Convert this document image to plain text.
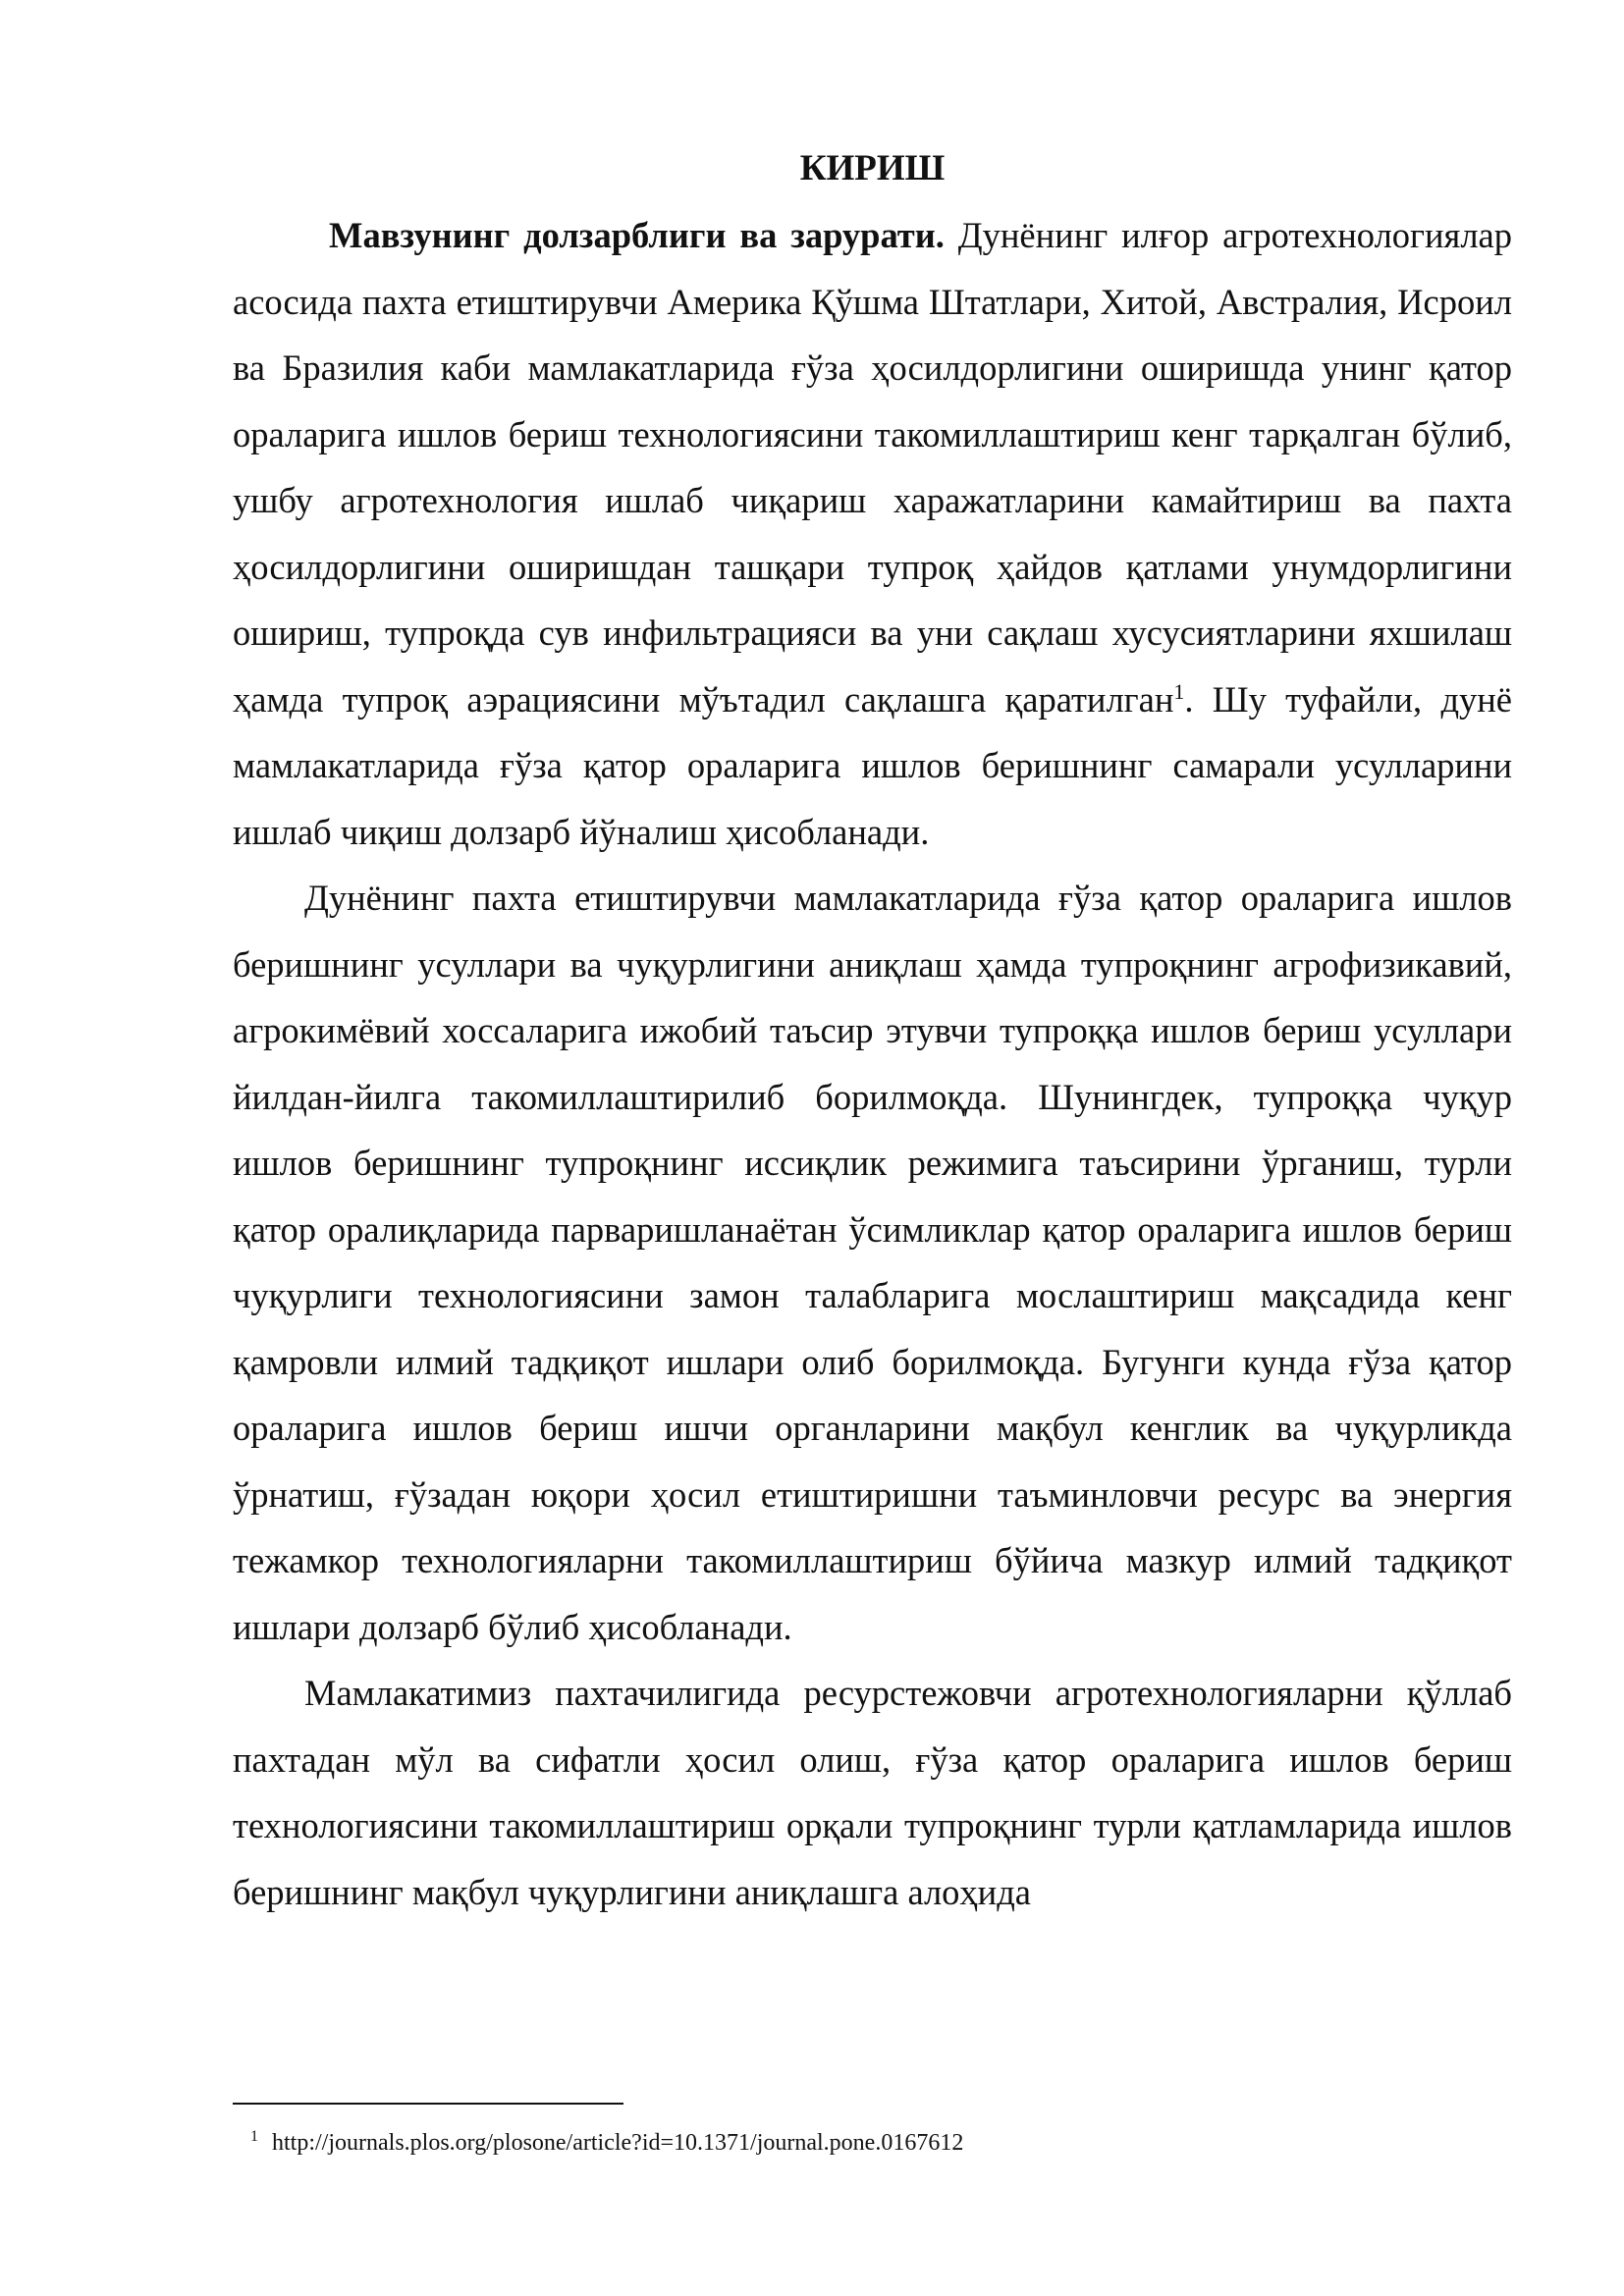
КИРИШ

Мавзунинг долзарблиги ва зарурати. Дунёнинг илғор агротехнологиялар асосида пахта етиштирувчи Америка Қўшма Штатлари, Хитой, Австралия, Исроил ва Бразилия каби мамлакатларида ғўза ҳосилдорлигини оширишда унинг қатор ораларига ишлов бериш технологиясини такомиллаштириш кенг тарқалган бўлиб, ушбу агротехнология ишлаб чиқариш харажатларини камайтириш ва пахта ҳосилдорлигини оширишдан ташқари тупроқ ҳайдов қатлами унумдорлигини ошириш, тупроқда сув инфильтрацияси ва уни сақлаш хусусиятларини яхшилаш ҳамда тупроқ аэрациясини мўътадил сақлашга қаратилган$^1$. Шу туфайли, дунё мамлакатларида ғўза қатор ораларига ишлов беришнинг самарали усулларини ишлаб чиқиш долзарб йўналиш ҳисобланади.

Дунёнинг пахта етиштирувчи мамлакатларида ғўза қатор ораларига ишлов беришнинг усуллари ва чуқурлигини аниқлаш ҳамда тупроқнинг агрофизикавий, агрокимёвий хоссаларига ижобий таъсир этувчи тупроққа ишлов бериш усуллари йилдан-йилга такомиллаштирилиб борилмоқда. Шунингдек, тупроққа чуқур ишлов беришнинг тупроқнинг иссиқлик режимига таъсирини ўрганиш, турли қатор оралиқларида парваришланаётан ўсимликлар қатор ораларига ишлов бериш чуқурлиги технологиясини замон талабларига мослаштириш мақсадида кенг қамровли илмий тадқиқот ишлари олиб борилмоқда. Бугунги кунда ғўза қатор ораларига ишлов бериш ишчи органларини мақбул кенглик ва чуқурликда ўрнатиш, ғўзадан юқори ҳосил етиштиришни таъминловчи ресурс ва энергия тежамкор технологияларни такомиллаштириш бўйича мазкур илмий тадқиқот ишлари долзарб бўлиб ҳисобланади.

Мамлакатимиз пахтачилигида ресурстежовчи агротехнологияларни қўллаб пахтадан мўл ва сифатли ҳосил олиш, ғўза қатор ораларига ишлов бериш технологиясини такомиллаштириш орқали тупроқнинг турли қатламларида ишлов беришнинг мақбул чуқурлигини аниқлашга алоҳида

$^1$ http://journals.plos.org/plosone/article?id=10.1371/journal.pone.0167612
